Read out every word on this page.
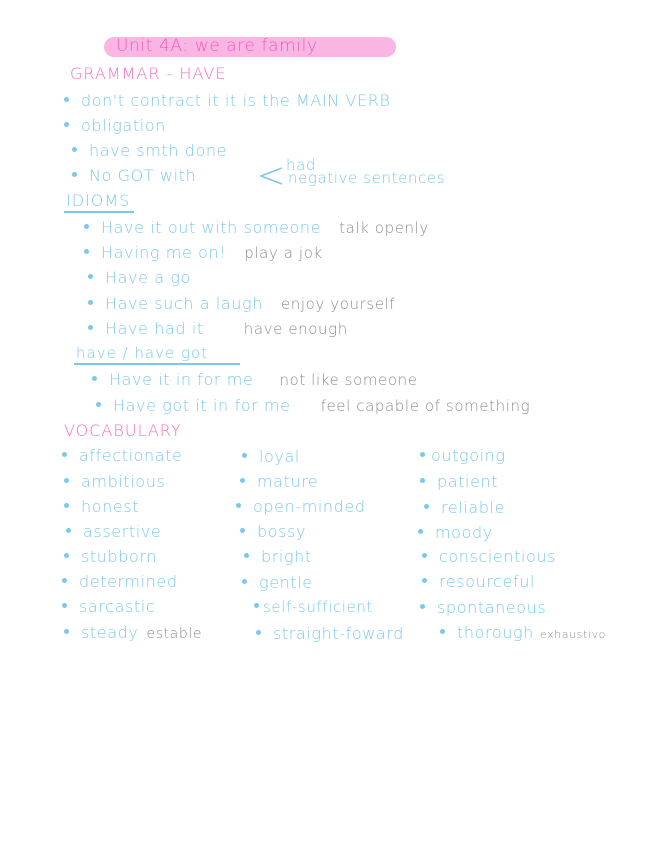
Unit 4A: we are family
GRAMMAR - HAVE
don't contract it it is the MAIN VERB
obligation
have smth done
No GOT with
had
negative sentences
IDIOMS
Have it out with someone talk openly
Having me on! play a jok
Have a go
Have such a laugh enjoy yourself
Have had it	have enough
have / have got
Have it in for me not like someone
Have got it in for me feel capable of something
VOCABULARY
affectionate
ambitious
honest
assertive
stubborn
determined
sarcastic
steady estable
loyal
mature
open-minded
bossy
bright
gentle
self-sufficient
straight-foward
outgoing
patient
reliable
moody
conscientious
resourceful
spontaneous
thorough exhaustivo
